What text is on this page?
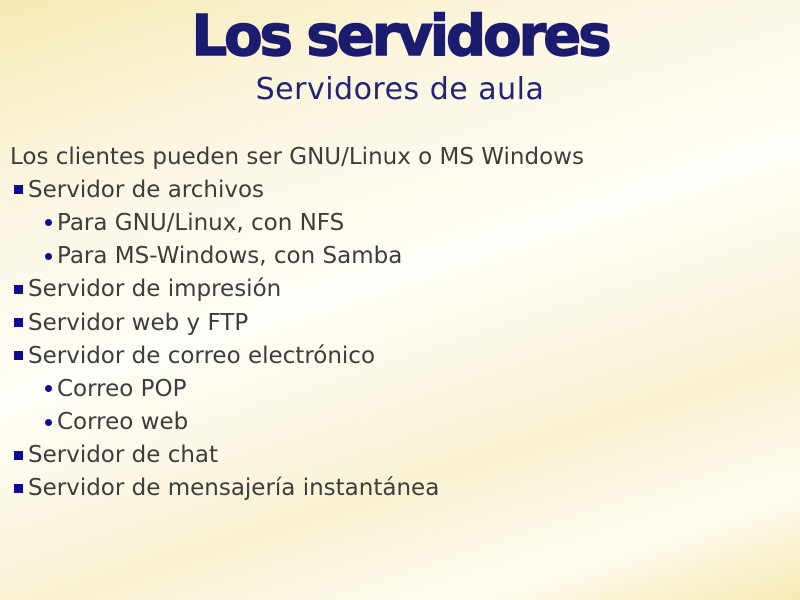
Los servidores
Servidores de aula
Los clientes pueden ser GNU/Linux o MS Windows
Servidor de archivos
Para GNU/Linux, con NFS
Para MS-Windows, con Samba
Servidor de impresión
Servidor web y FTP
Servidor de correo electrónico
Correo POP
Correo web
Servidor de chat
Servidor de mensajería instantánea
